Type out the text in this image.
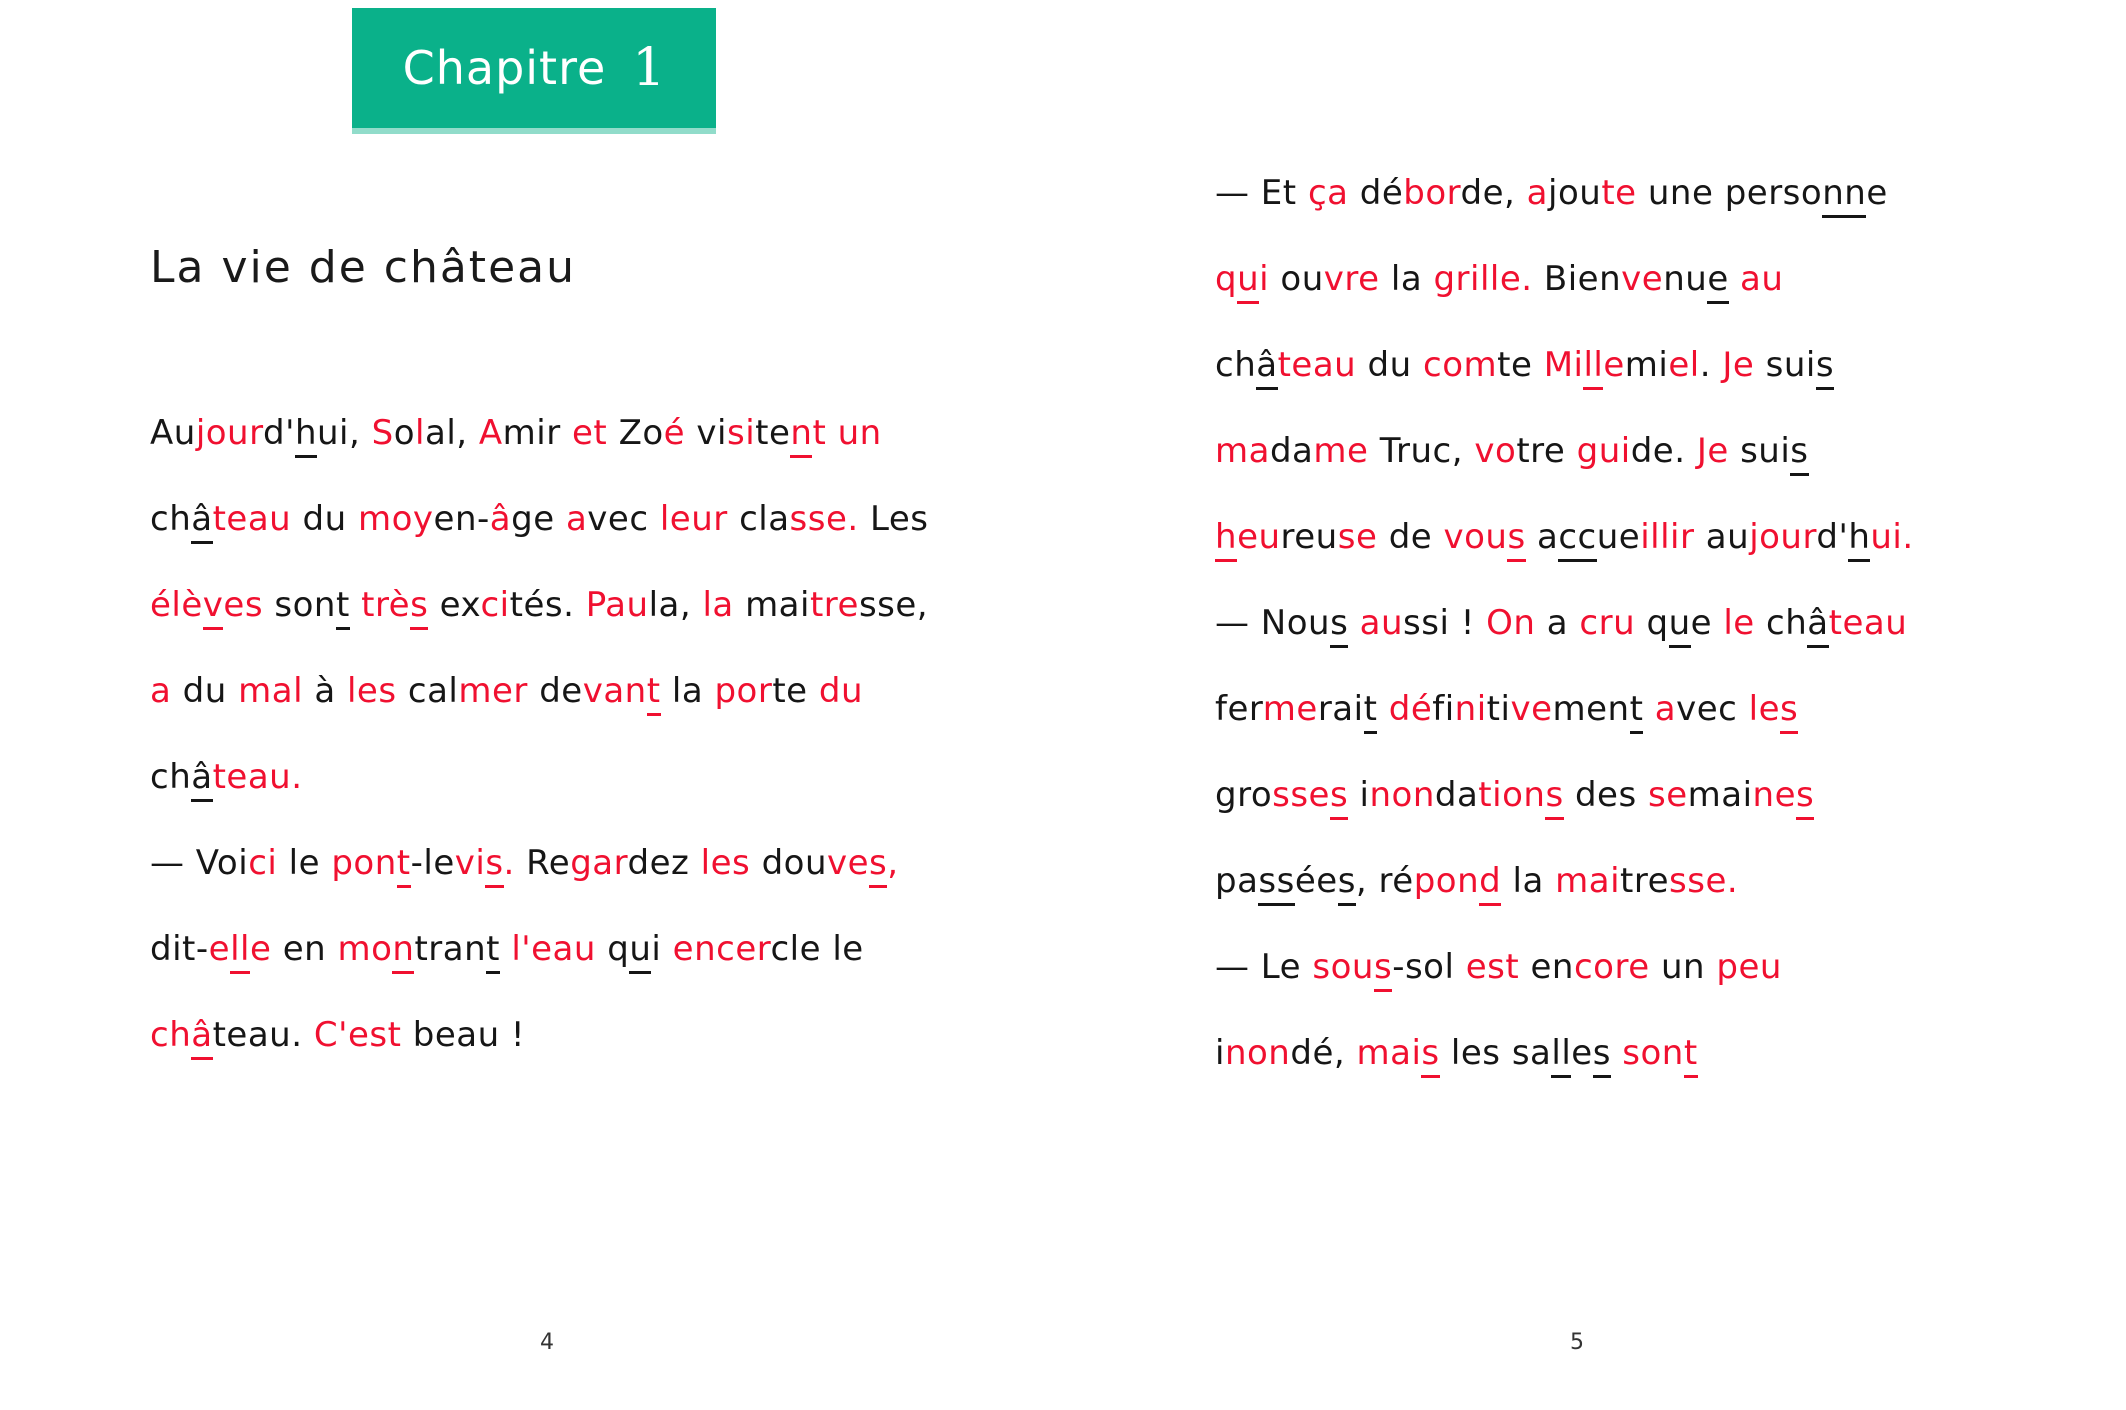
Chapitre 1
La vie de château

Aujourd'hui, Solal, Amir et Zoé visitent un château du moyen-âge avec leur classe. Les élèves sont très excités. Paula, la maitresse, a du mal à les calmer devant la porte du château.

— Voici le pont-levis. Regardez les douves, dit-elle en montrant l'eau qui encercle le château. C'est beau !

— Et ça déborde, ajoute une personne qui ouvre la grille. Bienvenue au château du comte Millemiel. Je suis madame Truc, votre guide. Je suis heureuse de vous accueillir aujourd'hui.

— Nous aussi ! On a cru que le château fermerait définitivement avec les grosses inondations des semaines passées, répond la maitresse.

— Le sous-sol est encore un peu inondé, mais les salles sont

4	5
